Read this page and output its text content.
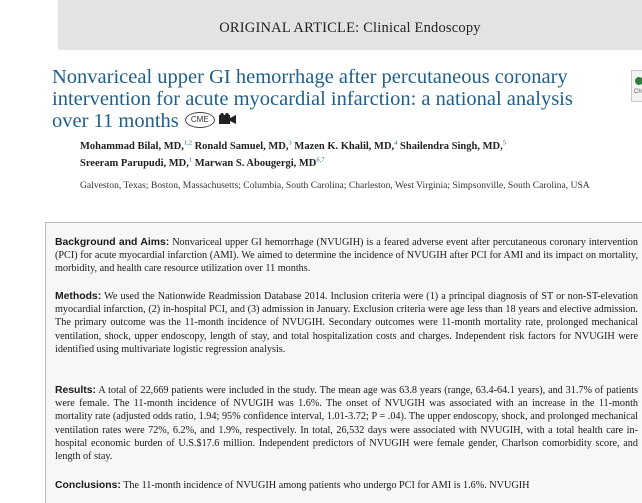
ORIGINAL ARTICLE: Clinical Endoscopy
Ch
Nonvariceal upper GI hemorrhage after percutaneous coronary intervention for acute myocardial infarction: a national analysis over 11 months CME
Mohammad Bilal, MD,$^{1,2}$ Ronald Samuel, MD,$^3$ Mazen K. Khalil, MD,$^4$ Shailendra Singh, MD,$^5$
Sreeram Parupudi, MD,$^1$ Marwan S. Abougergi, MD$^{6,7}$
Galveston, Texas; Boston, Massachusetts; Columbia, South Carolina; Charleston, West Virginia; Simpsonville, South Carolina, USA
Background and Aims: Nonvariceal upper GI hemorrhage (NVUGIH) is a feared adverse event after percutaneous coronary intervention (PCI) for acute myocardial infarction (AMI). We aimed to determine the incidence of NVUGIH after PCI for AMI and its impact on mortality, morbidity, and health care resource utilization over 11 months.
Methods: We used the Nationwide Readmission Database 2014. Inclusion criteria were (1) a principal diagnosis of ST or non-ST-elevation myocardial infarction, (2) in-hospital PCI, and (3) admission in January. Exclusion criteria were age less than 18 years and elective admission. The primary outcome was the 11-month incidence of NVUGIH. Secondary outcomes were 11-month mortality rate, prolonged mechanical ventilation, shock, upper endoscopy, length of stay, and total hospitalization costs and charges. Independent risk factors for NVUGIH were identified using multivariate logistic regression analysis.
Results: A total of 22,669 patients were included in the study. The mean age was 63.8 years (range, 63.4-64.1 years), and 31.7% of patients were female. The 11-month incidence of NVUGIH was 1.6%. The onset of NVUGIH was associated with an increase in the 11-month mortality rate (adjusted odds ratio, 1.94; 95% confidence interval, 1.01-3.72; P = .04). The upper endoscopy, shock, and prolonged mechanical ventilation rates were 72%, 6.2%, and 1.9%, respectively. In total, 26,532 days were associated with NVUGIH, with a total health care in-hospital economic burden of U.S.$17.6 million. Independent predictors of NVUGIH were female gender, Charlson comorbidity score, and length of stay.
Conclusions: The 11-month incidence of NVUGIH among patients who undergo PCI for AMI is 1.6%. NVUGIH
